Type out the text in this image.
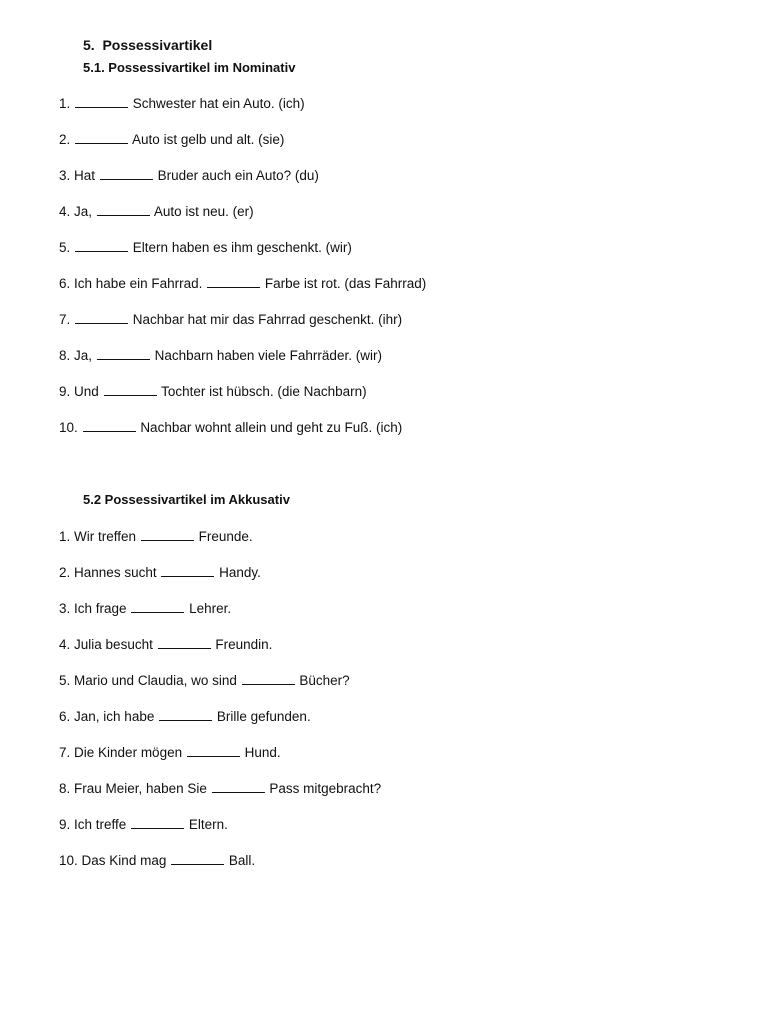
5. Possessivartikel
5.1. Possessivartikel im Nominativ
1.	Schwester hat ein Auto. (ich)
2.	Auto ist gelb und alt. (sie)
3. Hat	Bruder auch ein Auto? (du)
4. Ja,	Auto ist neu. (er)
5.	Eltern haben es ihm geschenkt. (wir)
6. Ich habe ein Fahrrad.	Farbe ist rot. (das Fahrrad)
7.	Nachbar hat mir das Fahrrad geschenkt. (ihr)
8. Ja,	Nachbarn haben viele Fahrräder. (wir)
9. Und	Tochter ist hübsch. (die Nachbarn)
10.	Nachbar wohnt allein und geht zu Fuß. (ich)
5.2 Possessivartikel im Akkusativ
1. Wir treffen	Freunde.
2. Hannes sucht	Handy.
3. Ich frage	Lehrer.
4. Julia besucht	Freundin.
5. Mario und Claudia, wo sind	Bücher?
6. Jan, ich habe	Brille gefunden.
7. Die Kinder mögen	Hund.
8. Frau Meier, haben Sie	Pass mitgebracht?
9. Ich treffe	Eltern.
10. Das Kind mag	Ball.
